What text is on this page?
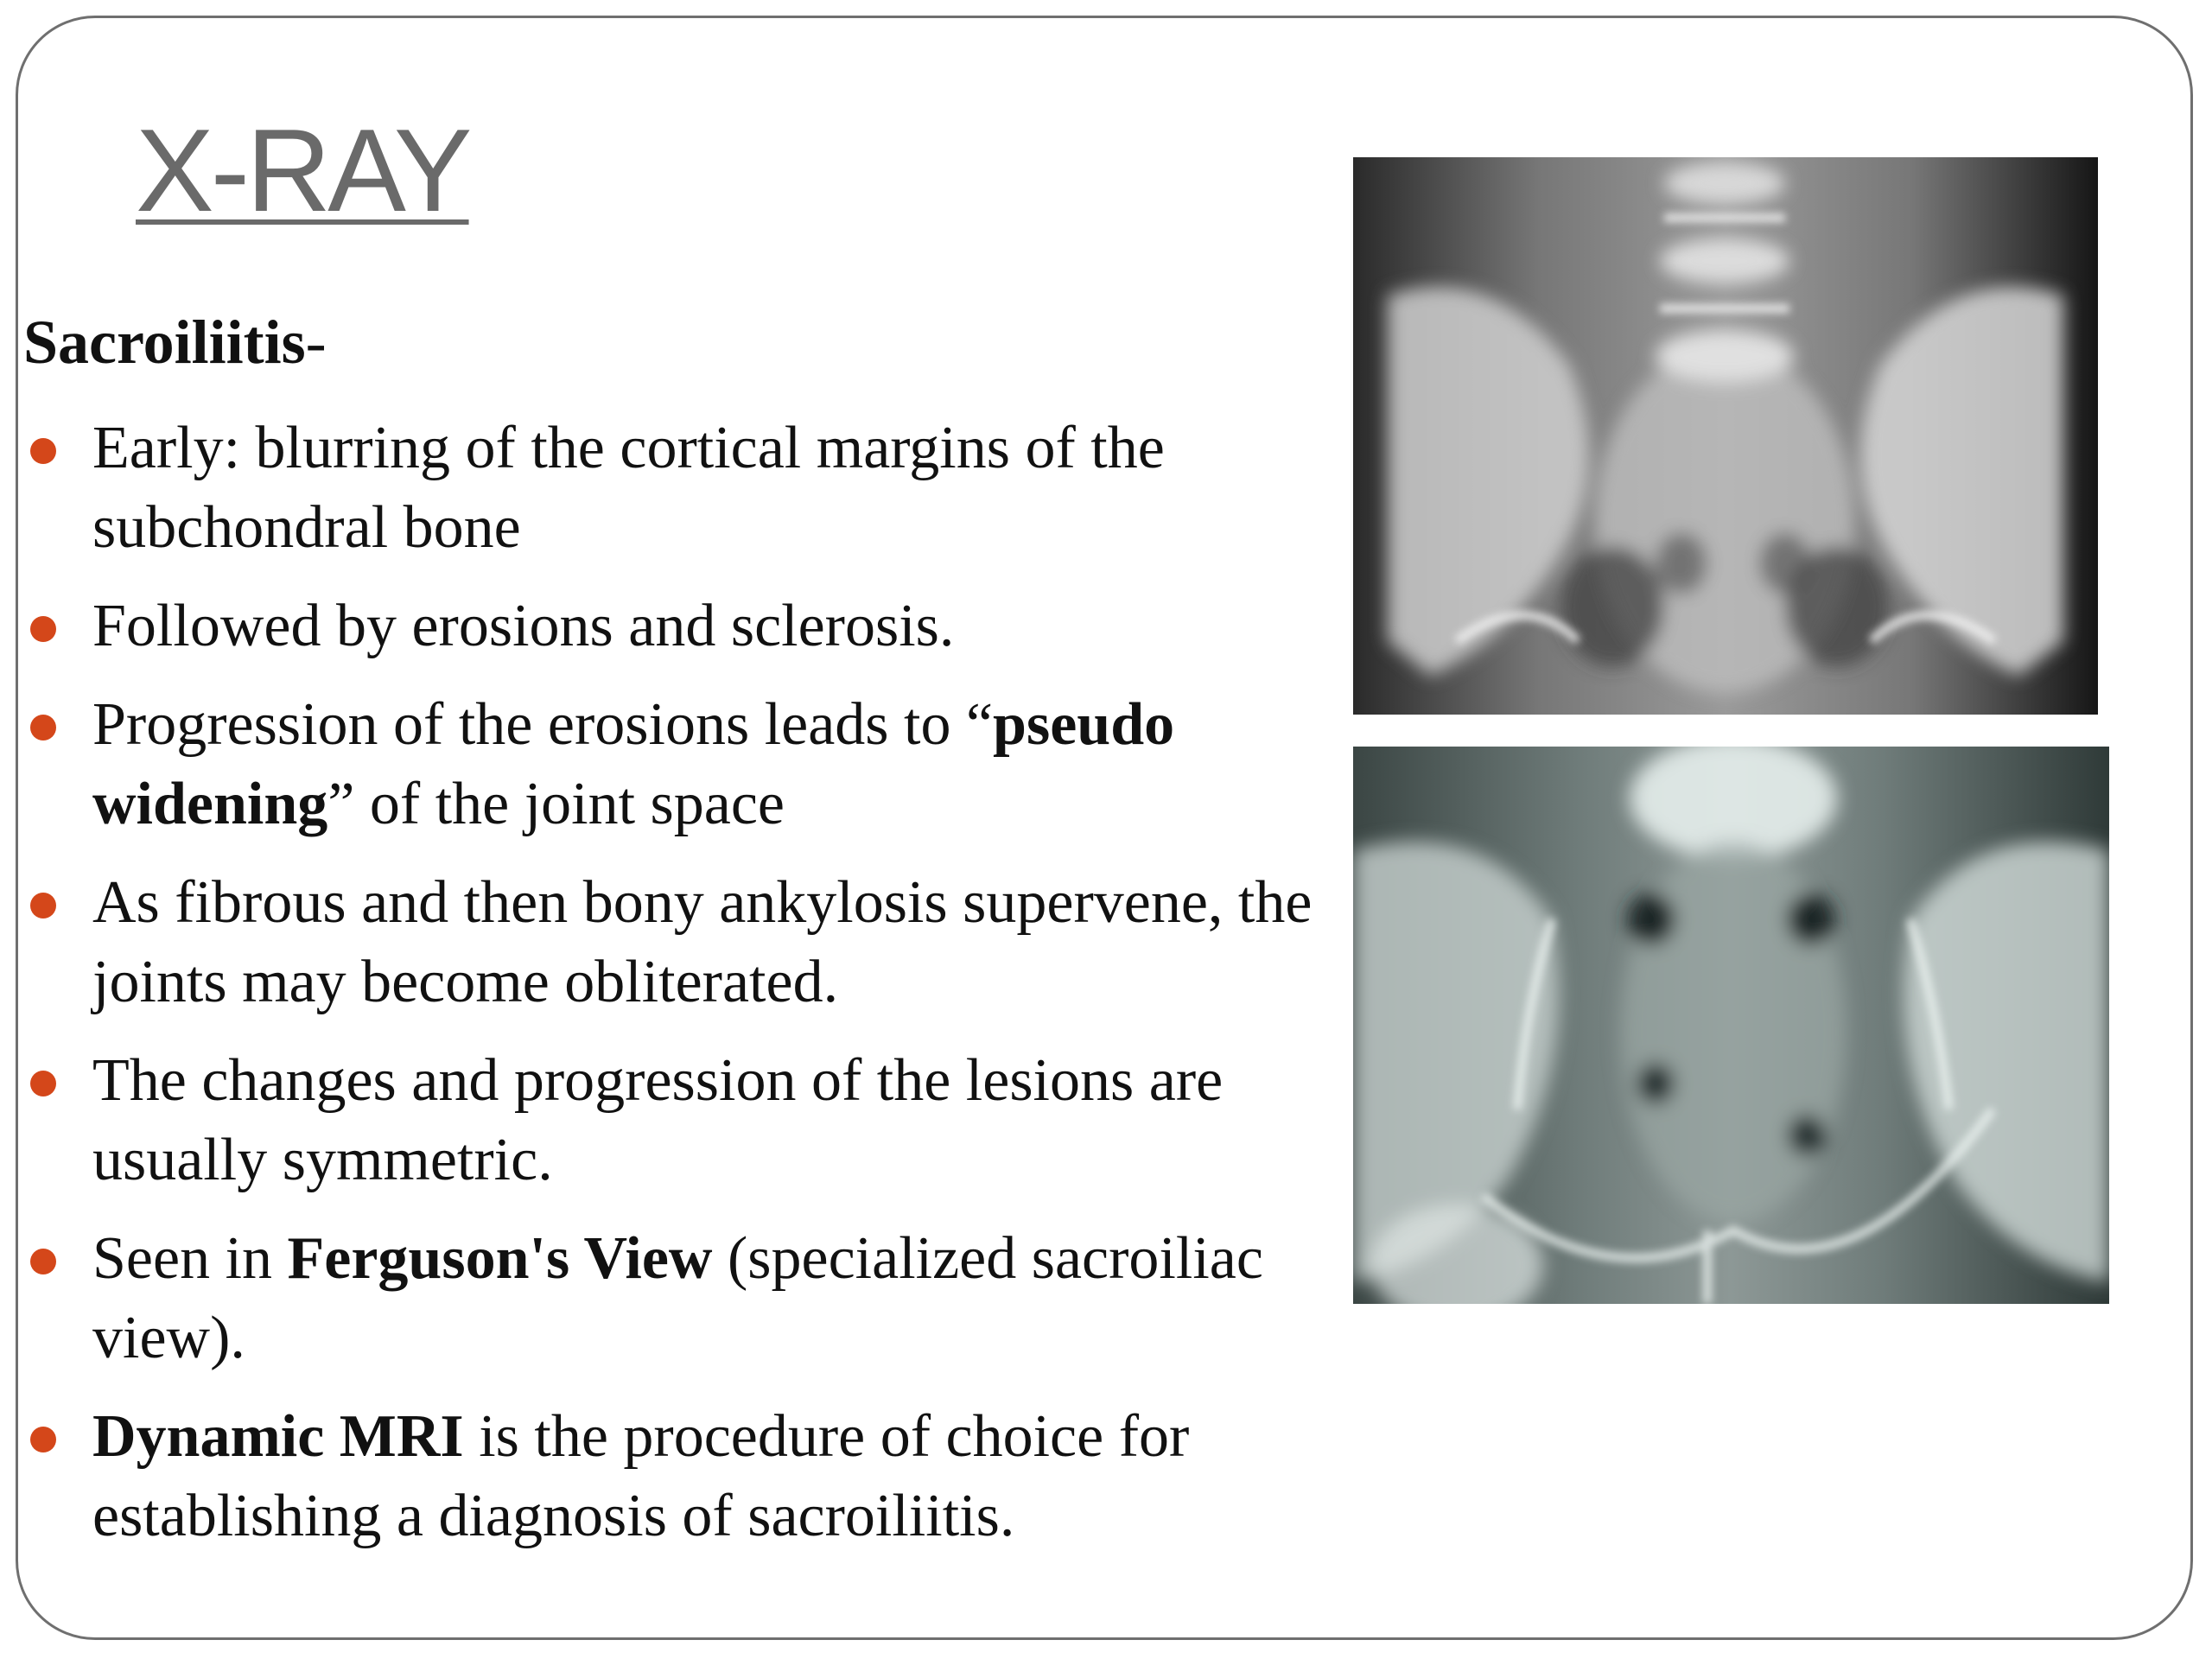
X-RAY

Sacroiliitis-

Early: blurring of the cortical margins of the subchondral bone
Followed by erosions and sclerosis.
Progression of the erosions leads to “pseudo widening” of the joint space
As fibrous and then bony ankylosis supervene, the joints may become obliterated.
The changes and progression of the lesions are usually symmetric.
Seen in Ferguson's View (specialized sacroiliac view).
Dynamic MRI is the procedure of choice for establishing a diagnosis of sacroiliitis.
